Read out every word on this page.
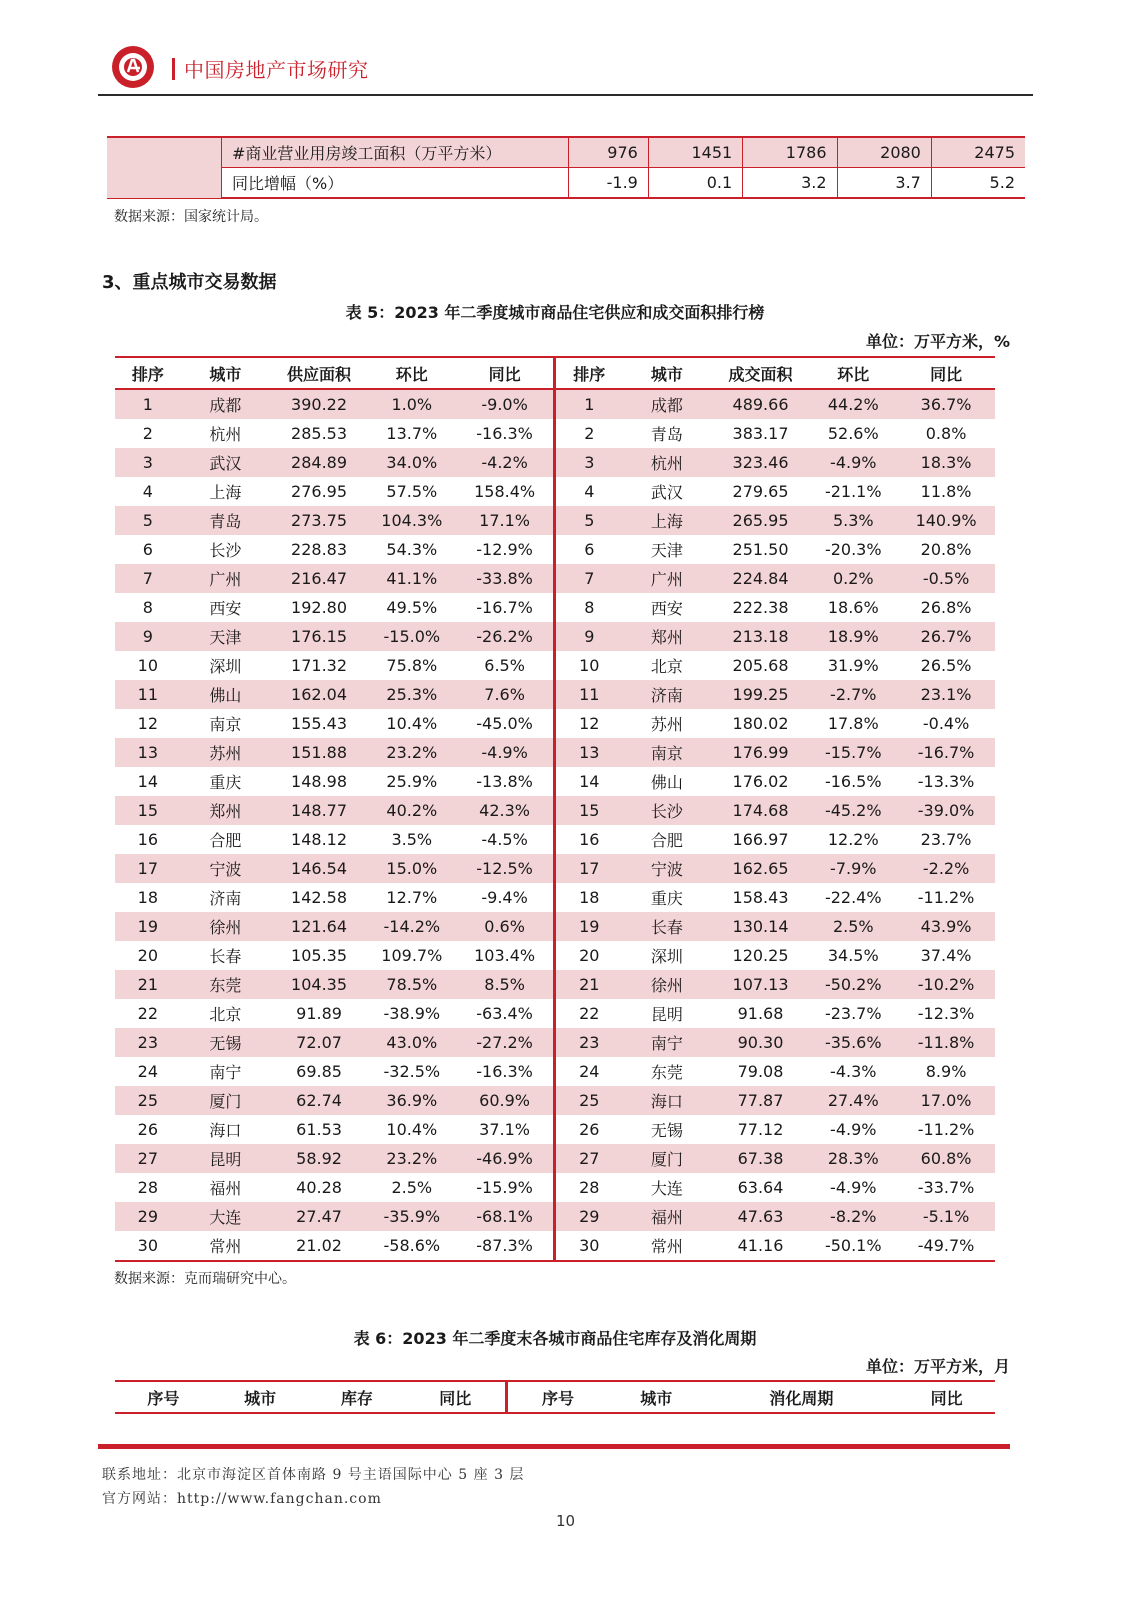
中国房地产市场研究
	#商业营业用房竣工面积（万平方米）	976	1451	1786	2080	2475
	同比增幅（%）	-1.9	0.1	3.2	3.7	5.2
数据来源：国家统计局。
3、重点城市交易数据
表 5：2023 年二季度城市商品住宅供应和成交面积排行榜
单位：万平方米，%
排序	城市	供应面积	环比	同比	排序	城市	成交面积	环比	同比
1	成都	390.22	1.0%	-9.0%	1	成都	489.66	44.2%	36.7%
2	杭州	285.53	13.7%	-16.3%	2	青岛	383.17	52.6%	0.8%
3	武汉	284.89	34.0%	-4.2%	3	杭州	323.46	-4.9%	18.3%
4	上海	276.95	57.5%	158.4%	4	武汉	279.65	-21.1%	11.8%
5	青岛	273.75	104.3%	17.1%	5	上海	265.95	5.3%	140.9%
6	长沙	228.83	54.3%	-12.9%	6	天津	251.50	-20.3%	20.8%
7	广州	216.47	41.1%	-33.8%	7	广州	224.84	0.2%	-0.5%
8	西安	192.80	49.5%	-16.7%	8	西安	222.38	18.6%	26.8%
9	天津	176.15	-15.0%	-26.2%	9	郑州	213.18	18.9%	26.7%
10	深圳	171.32	75.8%	6.5%	10	北京	205.68	31.9%	26.5%
11	佛山	162.04	25.3%	7.6%	11	济南	199.25	-2.7%	23.1%
12	南京	155.43	10.4%	-45.0%	12	苏州	180.02	17.8%	-0.4%
13	苏州	151.88	23.2%	-4.9%	13	南京	176.99	-15.7%	-16.7%
14	重庆	148.98	25.9%	-13.8%	14	佛山	176.02	-16.5%	-13.3%
15	郑州	148.77	40.2%	42.3%	15	长沙	174.68	-45.2%	-39.0%
16	合肥	148.12	3.5%	-4.5%	16	合肥	166.97	12.2%	23.7%
17	宁波	146.54	15.0%	-12.5%	17	宁波	162.65	-7.9%	-2.2%
18	济南	142.58	12.7%	-9.4%	18	重庆	158.43	-22.4%	-11.2%
19	徐州	121.64	-14.2%	0.6%	19	长春	130.14	2.5%	43.9%
20	长春	105.35	109.7%	103.4%	20	深圳	120.25	34.5%	37.4%
21	东莞	104.35	78.5%	8.5%	21	徐州	107.13	-50.2%	-10.2%
22	北京	91.89	-38.9%	-63.4%	22	昆明	91.68	-23.7%	-12.3%
23	无锡	72.07	43.0%	-27.2%	23	南宁	90.30	-35.6%	-11.8%
24	南宁	69.85	-32.5%	-16.3%	24	东莞	79.08	-4.3%	8.9%
25	厦门	62.74	36.9%	60.9%	25	海口	77.87	27.4%	17.0%
26	海口	61.53	10.4%	37.1%	26	无锡	77.12	-4.9%	-11.2%
27	昆明	58.92	23.2%	-46.9%	27	厦门	67.38	28.3%	60.8%
28	福州	40.28	2.5%	-15.9%	28	大连	63.64	-4.9%	-33.7%
29	大连	27.47	-35.9%	-68.1%	29	福州	47.63	-8.2%	-5.1%
30	常州	21.02	-58.6%	-87.3%	30	常州	41.16	-50.1%	-49.7%
数据来源：克而瑞研究中心。
表 6：2023 年二季度末各城市商品住宅库存及消化周期
单位：万平方米，月
序号	城市	库存	同比	序号	城市	消化周期	同比
联系地址：北京市海淀区首体南路 9 号主语国际中心 5 座 3 层
官方网站：http://www.fangchan.com
10
